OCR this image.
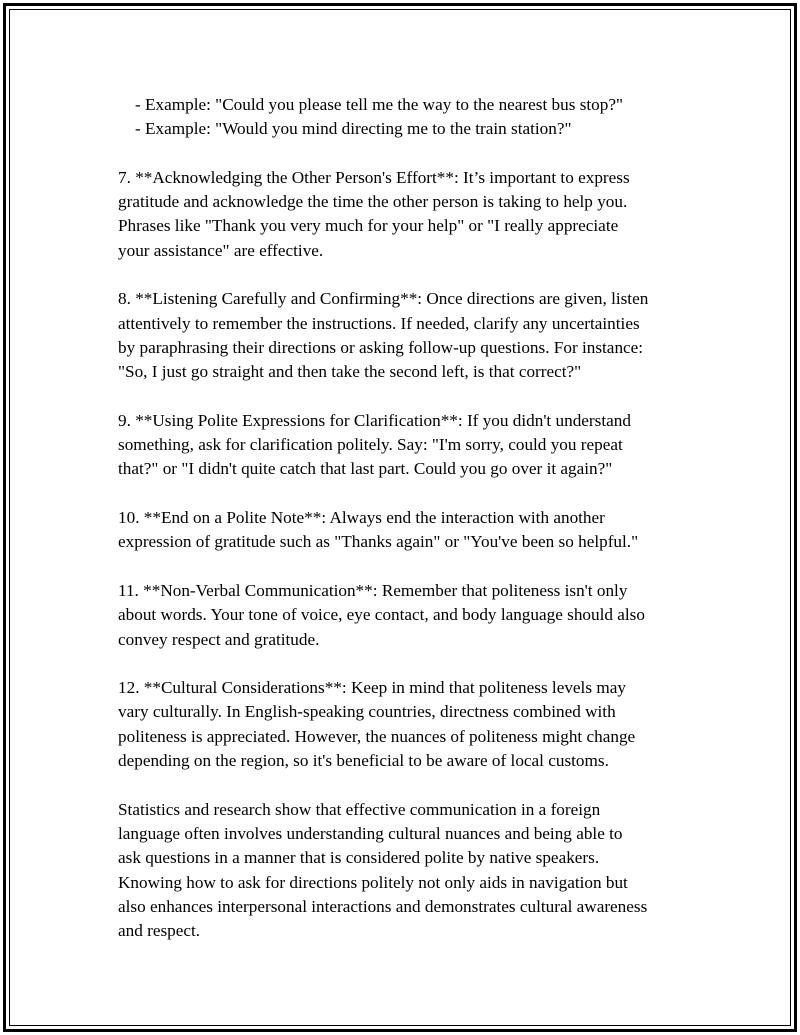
- Example: "Could you please tell me the way to the nearest bus stop?"
- Example: "Would you mind directing me to the train station?"
7. **Acknowledging the Other Person's Effort**: It’s important to express
gratitude and acknowledge the time the other person is taking to help you.
Phrases like "Thank you very much for your help" or "I really appreciate
your assistance" are effective.
8. **Listening Carefully and Confirming**: Once directions are given, listen
attentively to remember the instructions. If needed, clarify any uncertainties
by paraphrasing their directions or asking follow-up questions. For instance:
"So, I just go straight and then take the second left, is that correct?"
9. **Using Polite Expressions for Clarification**: If you didn't understand
something, ask for clarification politely. Say: "I'm sorry, could you repeat
that?" or "I didn't quite catch that last part. Could you go over it again?"
10. **End on a Polite Note**: Always end the interaction with another
expression of gratitude such as "Thanks again" or "You've been so helpful."
11. **Non-Verbal Communication**: Remember that politeness isn't only
about words. Your tone of voice, eye contact, and body language should also
convey respect and gratitude.
12. **Cultural Considerations**: Keep in mind that politeness levels may
vary culturally. In English-speaking countries, directness combined with
politeness is appreciated. However, the nuances of politeness might change
depending on the region, so it's beneficial to be aware of local customs.
Statistics and research show that effective communication in a foreign
language often involves understanding cultural nuances and being able to
ask questions in a manner that is considered polite by native speakers.
Knowing how to ask for directions politely not only aids in navigation but
also enhances interpersonal interactions and demonstrates cultural awareness
and respect.
